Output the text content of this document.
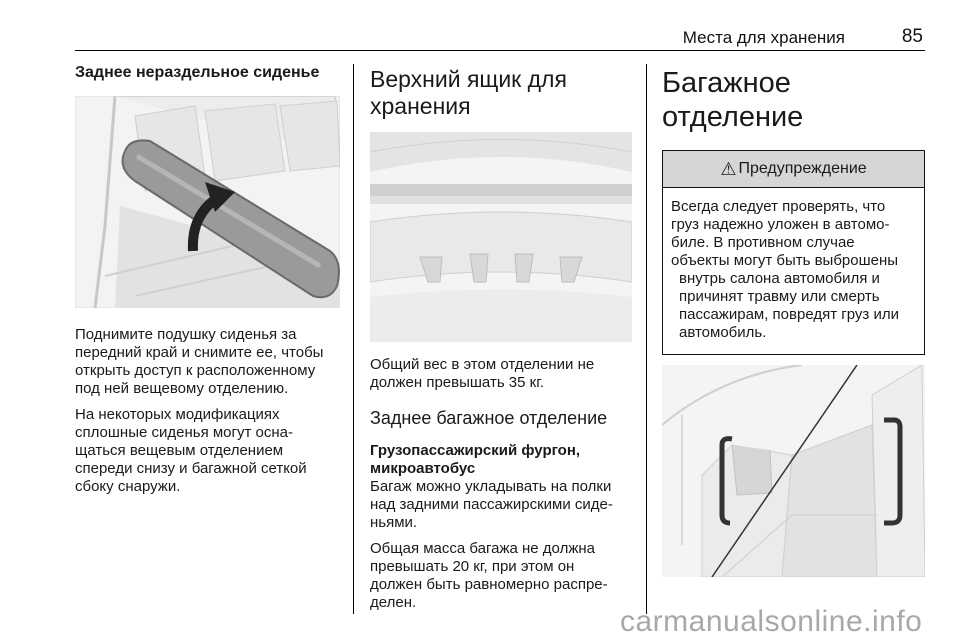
Места для хранения	85
Заднее нераздельное сиденье

Поднимите подушку сиденья за
передний край и снимите ее, чтобы
открыть доступ к расположенному
под ней вещевому отделению.

На некоторых модификациях
сплошные сиденья могут осна-
щаться вещевым отделением
спереди снизу и багажной сеткой
сбоку снаружи.

Верхний ящик для
хранения

Общий вес в этом отделении не
должен превышать 35 кг.

Заднее багажное отделение

Грузопассажирский фургон,
микроавтобус

Багаж можно укладывать на полки
над задними пассажирскими сиде-
ньями.

Общая масса багажа не должна
превышать 20 кг, при этом он
должен быть равномерно распре-
делен.

Багажное отделение
⚠ Предупреждение
Всегда следует проверять, что
груз надежно уложен в автомо-
биле. В противном случае
объекты могут быть выброшены
внутрь салона автомобиля и
причинят травму или смерть
пассажирам, повредят груз или
автомобиль.
carmanualsonline.info
